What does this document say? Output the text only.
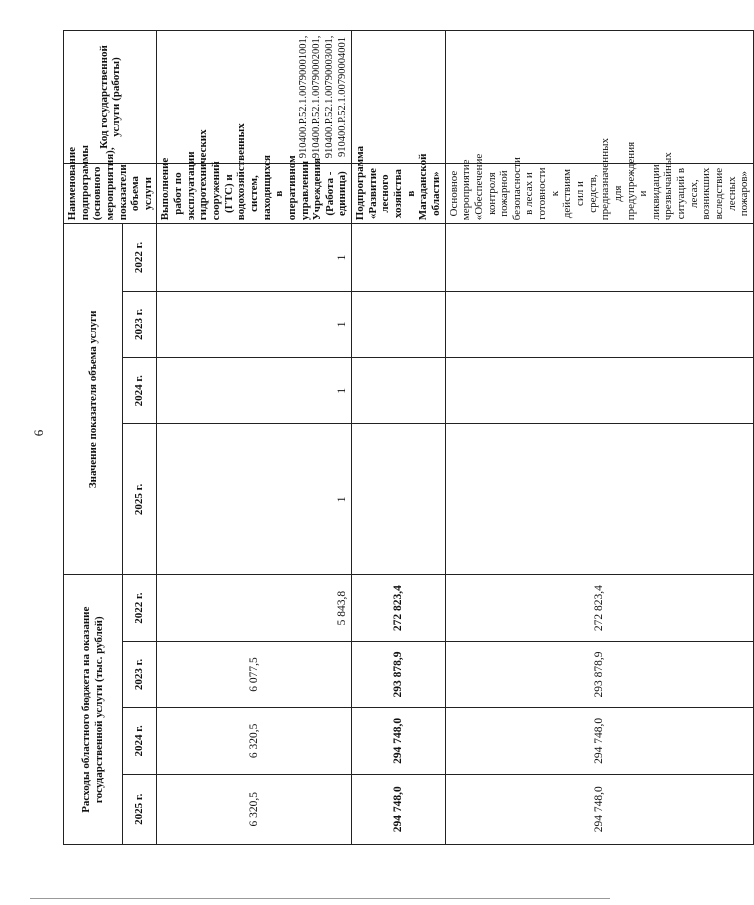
6
Расходы областного бюджета на оказание государственной услуги (тыс. рублей)				Значение показателя объема услуги				Наименование подпрограммы (основного мероприятия), показатели объема услуги	Код государственной услуги (работы)
2025 г.	2024 г.	2023 г.	2022 г.	2025 г.	2024 г.	2023 г.	2022 г.		
6 320,5	6 320,5	6 077,5	5 843,8	1	1	1	1	Выполнение работ по эксплуатации гидротехнических сооружений (ГТС) и водохозяйственных систем, находящихся в оперативном управлении Учреждения (Работа - единица)	910400.Р.52.1.00790001001, 910400.Р.52.1.00790002001, 910400.Р.52.1.00790003001, 910400.Р.52.1.00790004001
294 748,0	294 748,0	293 878,9	272 823,4					Подпрограмма «Развитие лесного хозяйства в Магаданской области»	
294 748,0	294 748,0	293 878,9	272 823,4					Основное мероприятие «Обеспечение контроля пожарной безопасности в лесах и готовности к действиям сил и средств, предназначенных для предупреждения и ликвидации чрезвычайных ситуаций в лесах, возникших вследствие лесных пожаров»	
